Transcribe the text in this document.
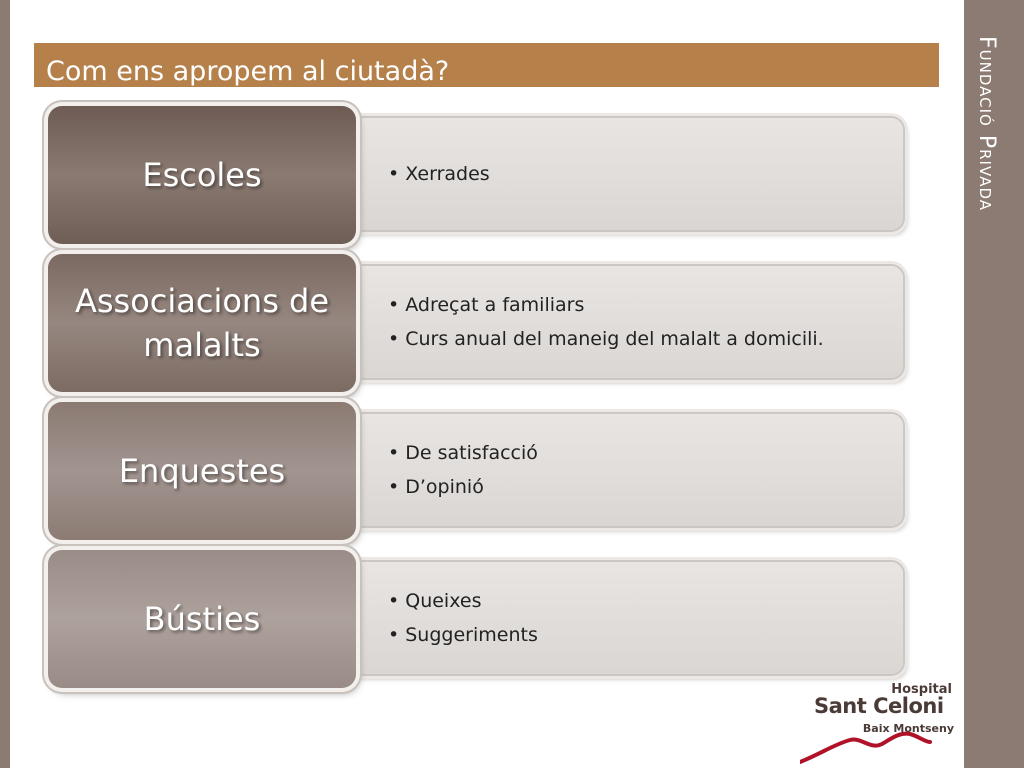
Fundació Privada
Com ens apropem al ciutadà?
• Xerrades
Escoles
• Adreçat a familiars
• Curs anual del maneig del malalt a domicili.
Associacions de malalts
• De satisfacció
• D’opinió
Enquestes
• Queixes
• Suggeriments
Bústies
Hospital
Sant Celoni
Baix Montseny
